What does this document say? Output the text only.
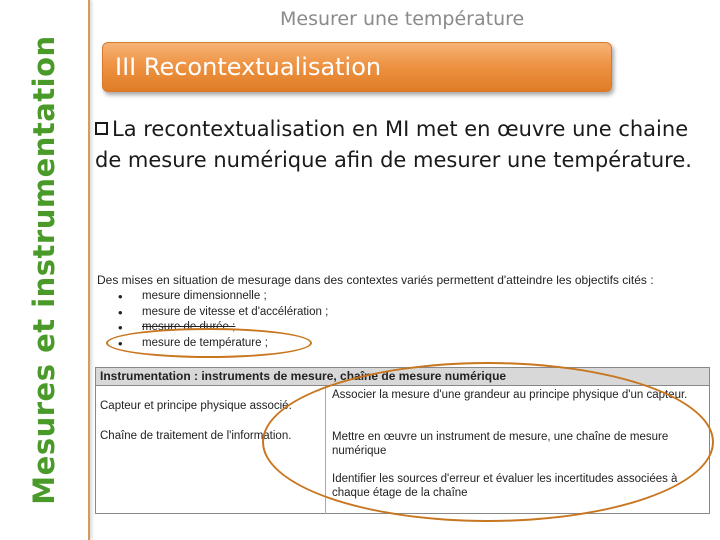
Mesures et instrumentation
Mesurer une température
III Recontextualisation
La recontextualisation en MI met en œuvre une chaine de mesure numérique afin de mesurer une température.
Des mises en situation de mesurage dans des contextes variés permettent d'atteindre les objectifs cités :
• mesure dimensionnelle ;
• mesure de vitesse et d'accélération ;
• mesure de durée ;
• mesure de température ;
Instrumentation : instruments de mesure, chaîne de mesure numérique
Capteur et principe physique associé.
Chaîne de traitement de l'information.
Associer la mesure d'une grandeur au principe physique d'un capteur.
Mettre en œuvre un instrument de mesure, une chaîne de mesure numérique
Identifier les sources d'erreur et évaluer les incertitudes associées à chaque étage de la chaîne
